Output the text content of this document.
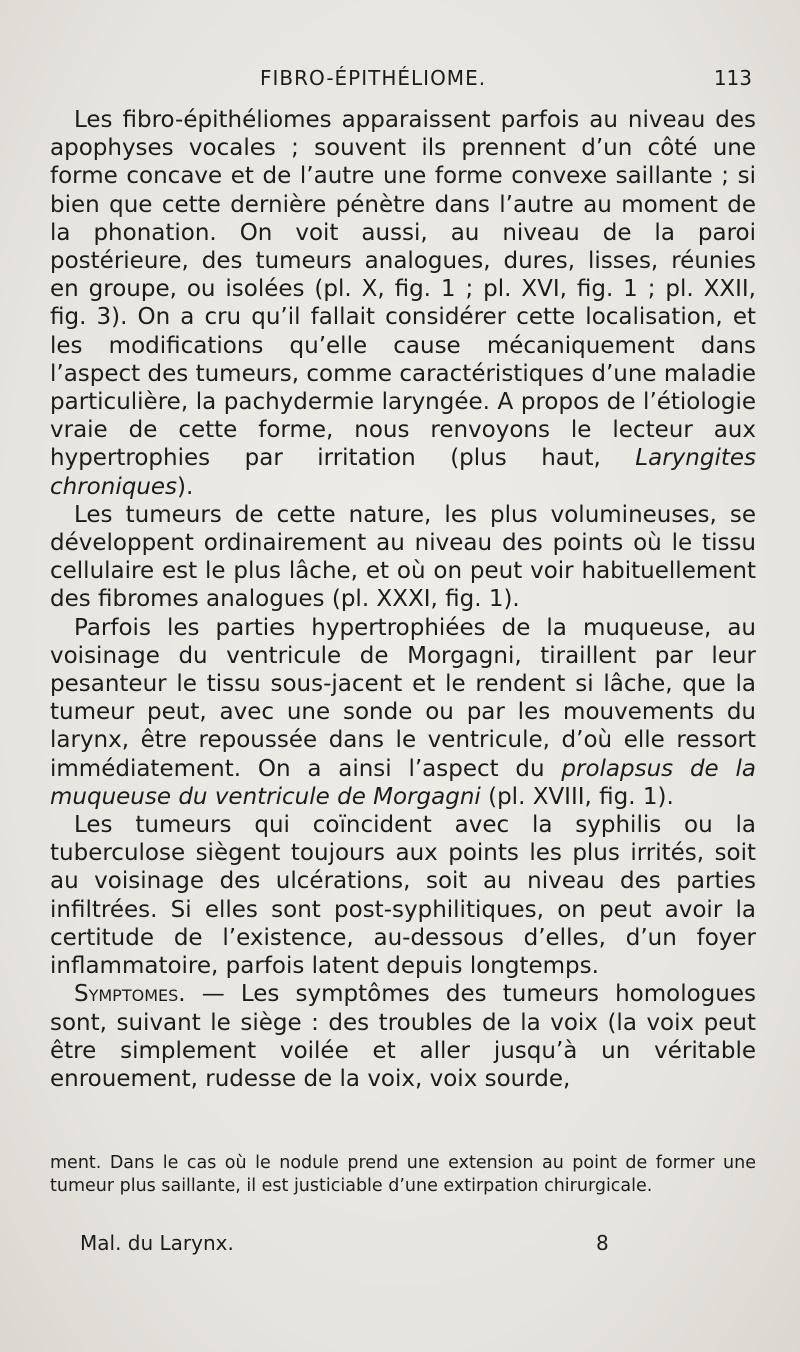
FIBRO-ÉPITHÉLIOME.	113

Les fibro-épithéliomes apparaissent parfois au niveau des apophyses vocales ; souvent ils prennent d’un côté une forme concave et de l’autre une forme convexe saillante ; si bien que cette dernière pénètre dans l’autre au moment de la phonation. On voit aussi, au niveau de la paroi postérieure, des tumeurs analogues, dures, lisses, réunies en groupe, ou isolées (pl. X, fig. 1 ; pl. XVI, fig. 1 ; pl. XXII, fig. 3). On a cru qu’il fallait considérer cette localisation, et les modifications qu’elle cause mécaniquement dans l’aspect des tumeurs, comme caractéristiques d’une maladie particulière, la pachydermie laryngée. A propos de l’étiologie vraie de cette forme, nous renvoyons le lecteur aux hypertrophies par irritation (plus haut, Laryngites chroniques).

Les tumeurs de cette nature, les plus volumineuses, se développent ordinairement au niveau des points où le tissu cellulaire est le plus lâche, et où on peut voir habituellement des fibromes analogues (pl. XXXI, fig. 1).

Parfois les parties hypertrophiées de la muqueuse, au voisinage du ventricule de Morgagni, tiraillent par leur pesanteur le tissu sous-jacent et le rendent si lâche, que la tumeur peut, avec une sonde ou par les mouvements du larynx, être repoussée dans le ventricule, d’où elle ressort immédiatement. On a ainsi l’aspect du prolapsus de la muqueuse du ventricule de Morgagni (pl. XVIII, fig. 1).

Les tumeurs qui coïncident avec la syphilis ou la tuberculose siègent toujours aux points les plus irrités, soit au voisinage des ulcérations, soit au niveau des parties infiltrées. Si elles sont post-syphilitiques, on peut avoir la certitude de l’existence, au-dessous d’elles, d’un foyer inflammatoire, parfois latent depuis longtemps.

Symptomes. — Les symptômes des tumeurs homologues sont, suivant le siège : des troubles de la voix (la voix peut être simplement voilée et aller jusqu’à un véritable enrouement, rudesse de la voix, voix sourde,

ment. Dans le cas où le nodule prend une extension au point de former une tumeur plus saillante, il est justiciable d’une extirpation chirurgicale.
Mal. du Larynx.	8
